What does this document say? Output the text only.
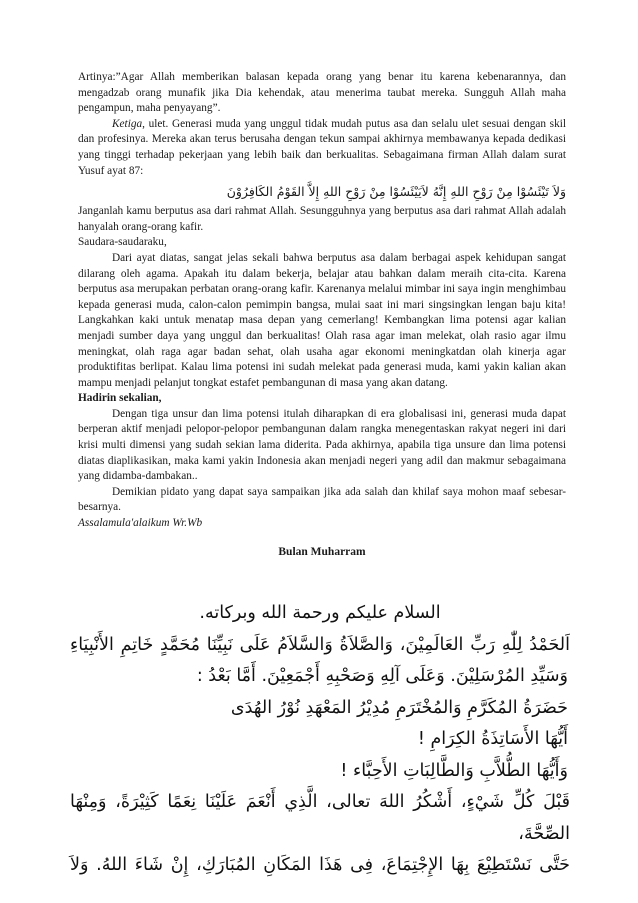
Artinya:”Agar Allah memberikan balasan kepada orang yang benar itu karena kebenarannya, dan mengadzab orang munafik jika Dia kehendak, atau menerima taubat mereka. Sungguh Allah maha pengampun, maha penyayang”.

Ketiga, ulet. Generasi muda yang unggul tidak mudah putus asa dan selalu ulet sesuai dengan skil dan profesinya. Mereka akan terus berusaha dengan tekun sampai akhirnya membawanya kepada dedikasi yang tinggi terhadap pekerjaan yang lebih baik dan berkualitas. Sebagaimana firman Allah dalam surat Yusuf ayat 87:

وَلاَ تَيْئَسُوْا مِنْ رَوْحِ اللهِ إِنَّهُ لاَيَيْئَسُوْا مِنْ رَوْحِ اللهِ إِلاَّ القَوْمُ الكَافِرُوْنَ

Janganlah kamu berputus asa dari rahmat Allah. Sesungguhnya yang berputus asa dari rahmat Allah adalah hanyalah orang-orang kafir.

Saudara-saudaraku,

Dari ayat diatas, sangat jelas sekali bahwa berputus asa dalam berbagai aspek kehidupan sangat dilarang oleh agama. Apakah itu dalam bekerja, belajar atau bahkan dalam meraih cita-cita. Karena berputus asa merupakan perbatan orang-orang kafir. Karenanya melalui mimbar ini saya ingin menghimbau kepada generasi muda, calon-calon pemimpin bangsa, mulai saat ini mari singsingkan lengan baju kita! Langkahkan kaki untuk menatap masa depan yang cemerlang! Kembangkan lima potensi agar kalian menjadi sumber daya yang unggul dan berkualitas! Olah rasa agar iman melekat, olah rasio agar ilmu meningkat, olah raga agar badan sehat, olah usaha agar ekonomi meningkatdan olah kinerja agar produktifitas berlipat. Kalau lima potensi ini sudah melekat pada generasi muda, kami yakin kalian akan mampu menjadi pelanjut tongkat estafet pembangunan di masa yang akan datang.

Hadirin sekalian,

Dengan tiga unsur dan lima potensi itulah diharapkan di era globalisasi ini, generasi muda dapat berperan aktif menjadi pelopor-pelopor pembangunan dalam rangka menegentaskan rakyat negeri ini dari krisi multi dimensi yang sudah sekian lama diderita. Pada akhirnya, apabila tiga unsure dan lima potensi diatas diaplikasikan, maka kami yakin Indonesia akan menjadi negeri yang adil dan makmur sebagaimana yang didamba-dambakan..

Demikian pidato yang dapat saya sampaikan jika ada salah dan khilaf saya mohon maaf sebesar-besarnya.

Assalamula'alaikum Wr.Wb

Bulan Muharram

السلام عليكم ورحمة الله وبركاته.

اَلحَمْدُ لِلّٰهِ رَبِّ العَالَمِيْنَ، وَالصَّلاَةُ وَالسَّلاَمُ عَلَى نَبِيِّنَا مُحَمَّدٍ خَاتِمِ الأَنْبِيَاءِ

وَسَيِّدِ المُرْسَلِيْنَ. وَعَلَى آلِهِ وَصَحْبِهِ أَجْمَعِيْنَ. أَمَّا بَعْدُ :

حَضَرَةُ المُكَرَّمِ وَالمُخْتَرَمِ مُدِيْرُ المَعْهَدِ نُوْرُ الهُدَى

أَيُّهَا الأَسَاتِذَةُ الكِرَامِ !

وَأَيُّهَا الطُّلاَّبِ وَالطَّالِبَاتِ الأَحِبَّاء !

قَبْلَ كُلِّ شَيْءٍ، أَشْكُرُ اللهَ تعالى، الَّذِي أَنْعَمَ عَلَيْنَا نِعَمًا كَثِيْرَةً، وَمِنْهَا الصِّحَّةَ،

حَتَّى نَسْتَطِيْعَ بِهَا الإِجْتِمَاعَ، فِى هَذَا المَكَانِ المُبَارَكِ، إِنْ شَاءَ اللهُ. وَلاَ
